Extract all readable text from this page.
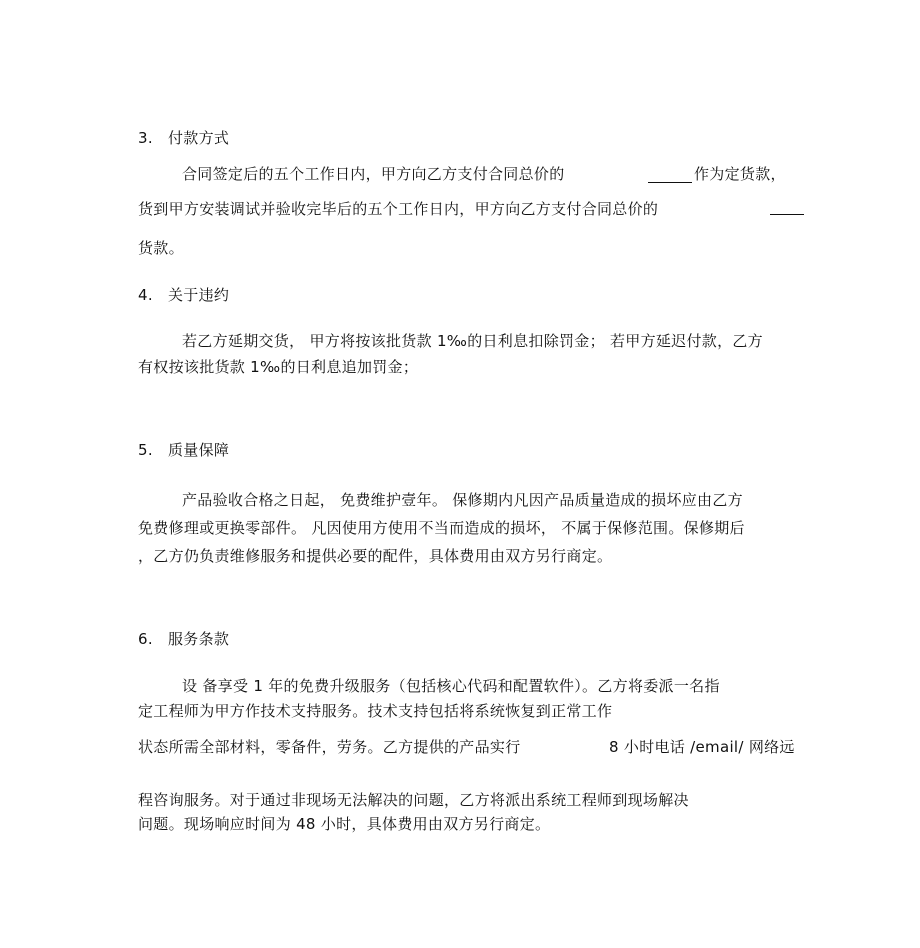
3. 付款方式
合同签定后的五个工作日内，甲方向乙方支付合同总价的	作为定货款，
货到甲方安装调试并验收完毕后的五个工作日内，甲方向乙方支付合同总价的
货款。
4. 关于违约
若乙方延期交货， 甲方将按该批货款 1‰的日利息扣除罚金； 若甲方延迟付款，乙方
有权按该批货款 1‰的日利息追加罚金；
5. 质量保障
产品验收合格之日起， 免费维护壹年。 保修期内凡因产品质量造成的损坏应由乙方
免费修理或更换零部件。 凡因使用方使用不当而造成的损坏， 不属于保修范围。保修期后
，乙方仍负责维修服务和提供必要的配件，具体费用由双方另行商定。
6. 服务条款
设 备享受 1 年的免费升级服务（包括核心代码和配置软件）。乙方将委派一名指
定工程师为甲方作技术支持服务。技术支持包括将系统恢复到正常工作
状态所需全部材料，零备件，劳务。乙方提供的产品实行	8 小时电话 /email/ 网络远
程咨询服务。对于通过非现场无法解决的问题，乙方将派出系统工程师到现场解决
问题。现场响应时间为 48 小时，具体费用由双方另行商定。
